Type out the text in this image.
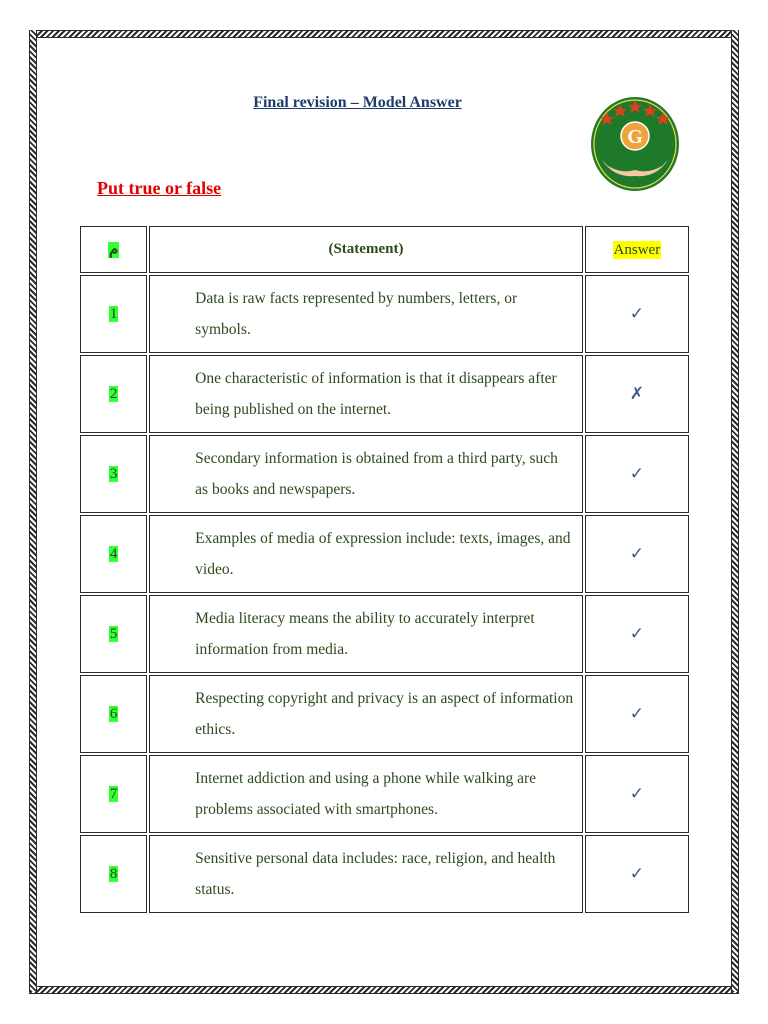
Final revision – Model Answer
G
Put true or false
م	(Statement)	Answer
1	Data is raw facts represented by numbers, letters, or symbols.	✓
2	One characteristic of information is that it disappears after being published on the internet.	✗
3	Secondary information is obtained from a third party, such as books and newspapers.	✓
4	Examples of media of expression include: texts, images, and video.	✓
5	Media literacy means the ability to accurately interpret information from media.	✓
6	Respecting copyright and privacy is an aspect of information ethics.	✓
7	Internet addiction and using a phone while walking are problems associated with smartphones.	✓
8	Sensitive personal data includes: race, religion, and health status.	✓
